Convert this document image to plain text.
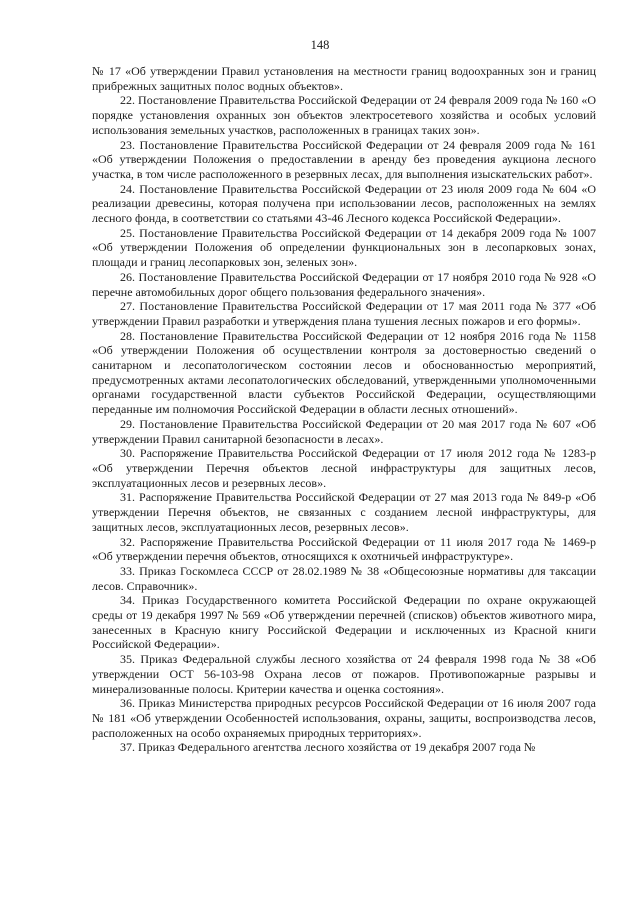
148

№ 17 «Об утверждении Правил установления на местности границ водоохранных зон и границ прибрежных защитных полос водных объектов».

22. Постановление Правительства Российской Федерации от 24 февраля 2009 года № 160 «О порядке установления охранных зон объектов электросетевого хозяйства и особых условий использования земельных участков, расположенных в границах таких зон».

23. Постановление Правительства Российской Федерации от 24 февраля 2009 года № 161 «Об утверждении Положения о предоставлении в аренду без проведения аукциона лесного участка, в том числе расположенного в резервных лесах, для выполнения изыскательских работ».

24. Постановление Правительства Российской Федерации от 23 июля 2009 года № 604 «О реализации древесины, которая получена при использовании лесов, расположенных на землях лесного фонда, в соответствии со статьями 43-46 Лесного кодекса Российской Федерации».

25. Постановление Правительства Российской Федерации от 14 декабря 2009 года № 1007 «Об утверждении Положения об определении функциональных зон в лесопарковых зонах, площади и границ лесопарковых зон, зеленых зон».

26. Постановление Правительства Российской Федерации от 17 ноября 2010 года № 928 «О перечне автомобильных дорог общего пользования федерального значения».

27. Постановление Правительства Российской Федерации от 17 мая 2011 года № 377 «Об утверждении Правил разработки и утверждения плана тушения лесных пожаров и его формы».

28. Постановление Правительства Российской Федерации от 12 ноября 2016 года № 1158 «Об утверждении Положения об осуществлении контроля за достоверностью сведений о санитарном и лесопатологическом состоянии лесов и обоснованностью мероприятий, предусмотренных актами лесопатологических обследований, утвержденными уполномоченными органами государственной власти субъектов Российской Федерации, осуществляющими переданные им полномочия Российской Федерации в области лесных отношений».

29. Постановление Правительства Российской Федерации от 20 мая 2017 года № 607 «Об утверждении Правил санитарной безопасности в лесах».

30. Распоряжение Правительства Российской Федерации от 17 июля 2012 года № 1283-р «Об утверждении Перечня объектов лесной инфраструктуры для защитных лесов, эксплуатационных лесов и резервных лесов».

31. Распоряжение Правительства Российской Федерации от 27 мая 2013 года № 849-р «Об утверждении Перечня объектов, не связанных с созданием лесной инфраструктуры, для защитных лесов, эксплуатационных лесов, резервных лесов».

32. Распоряжение Правительства Российской Федерации от 11 июля 2017 года № 1469-р «Об утверждении перечня объектов, относящихся к охотничьей инфраструктуре».

33. Приказ Госкомлеса СССР от 28.02.1989 № 38 «Общесоюзные нормативы для таксации лесов. Справочник».

34. Приказ Государственного комитета Российской Федерации по охране окружающей среды от 19 декабря 1997 № 569 «Об утверждении перечней (списков) объектов животного мира, занесенных в Красную книгу Российской Федерации и исключенных из Красной книги Российской Федерации».

35. Приказ Федеральной службы лесного хозяйства от 24 февраля 1998 года № 38 «Об утверждении ОСТ 56-103-98 Охрана лесов от пожаров. Противопожарные разрывы и минерализованные полосы. Критерии качества и оценка состояния».

36. Приказ Министерства природных ресурсов Российской Федерации от 16 июля 2007 года № 181 «Об утверждении Особенностей использования, охраны, защиты, воспроизводства лесов, расположенных на особо охраняемых природных территориях».

37. Приказ Федерального агентства лесного хозяйства от 19 декабря 2007 года №
